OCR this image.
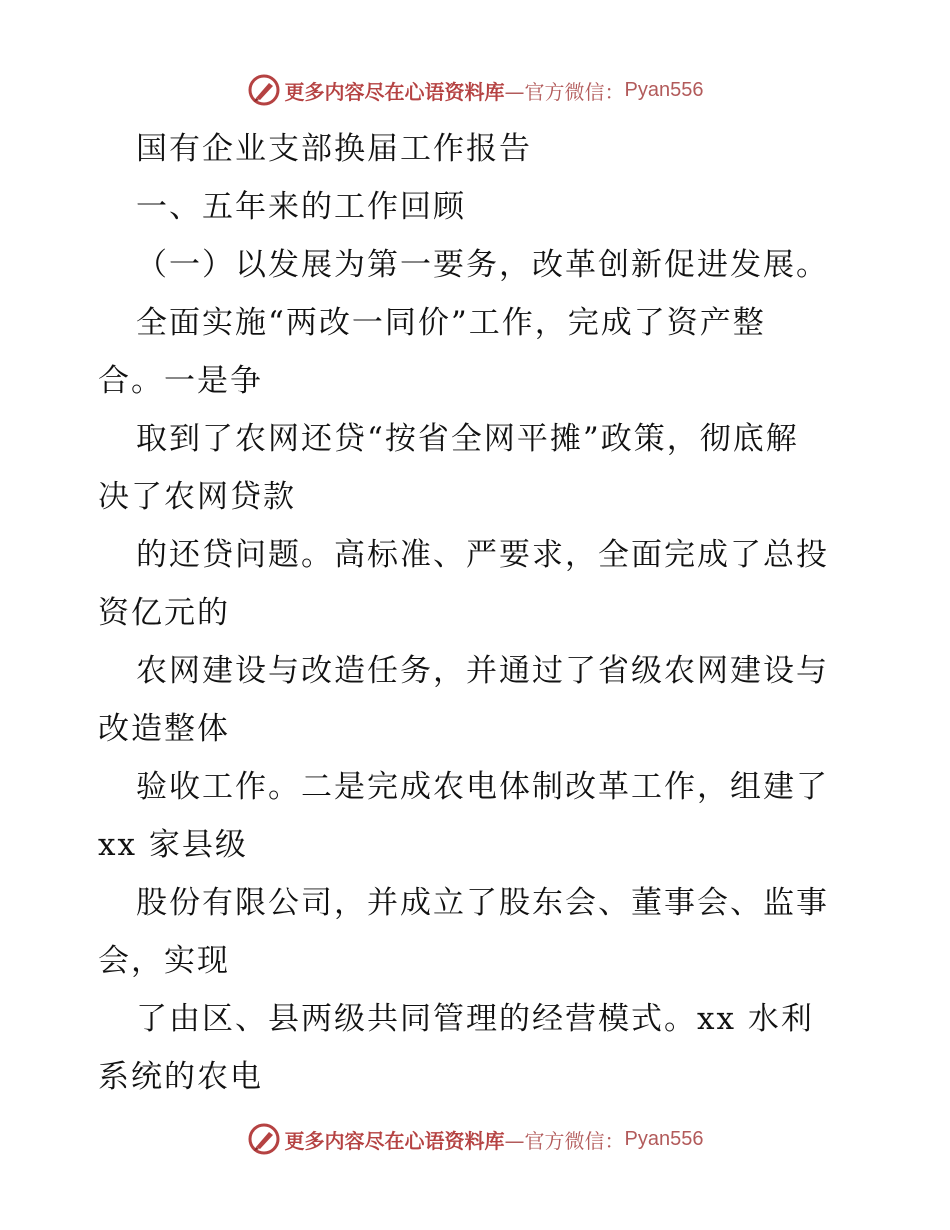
更多内容尽在心语资料库 —官方微信： Pyan556
国有企业支部换届工作报告
一、五年来的工作回顾
（一）以发展为第一要务，改革创新促进发展。
全面实施“两改一同价”工作，完成了资产整
合。一是争
取到了农网还贷“按省全网平摊”政策，彻底解
决了农网贷款
的还贷问题。高标准、严要求，全面完成了总投
资亿元的
农网建设与改造任务，并通过了省级农网建设与
改造整体
验收工作。二是完成农电体制改革工作，组建了
xx 家县级
股份有限公司，并成立了股东会、董事会、监事
会，实现
了由区、县两级共同管理的经营模式。xx 水利
系统的农电
更多内容尽在心语资料库 —官方微信： Pyan556
